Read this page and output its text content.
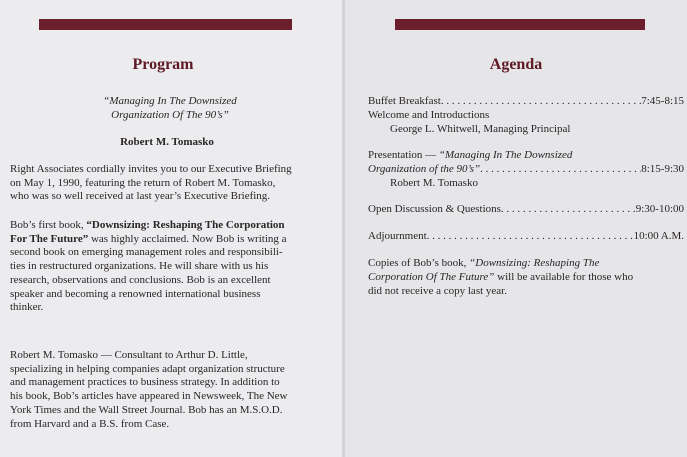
Program
“Managing In The Downsized
Organization Of The 90’s”
Robert M. Tomasko
Right Associates cordially invites you to our Executive Briefing
on May 1, 1990, featuring the return of Robert M. Tomasko,
who was so well received at last year’s Executive Briefing.
Bob’s first book, “Downsizing: Reshaping The Corporation
For The Future” was highly acclaimed. Now Bob is writing a
second book on emerging management roles and responsibili-
ties in restructured organizations. He will share with us his
research, observations and conclusions. Bob is an excellent
speaker and becoming a renowned international business
thinker.
Robert M. Tomasko — Consultant to Arthur D. Little,
specializing in helping companies adapt organization structure
and management practices to business strategy. In addition to
his book, Bob’s articles have appeared in Newsweek, The New
York Times and the Wall Street Journal. Bob has an M.S.O.D.
from Harvard and a B.S. from Case.
Agenda
Buffet Breakfast . . .	7:45-8:15
Welcome and Introductions
George L. Whitwell, Managing Principal
Presentation — “Managing In The Downsized
Organization of the 90’s” . . .	8:15-9:30
Robert M. Tomasko
Open Discussion & Questions . . .	9:30-10:00
Adjournment . . .	10:00 A.M.
Copies of Bob’s book, “Downsizing: Reshaping The
Corporation Of The Future” will be available for those who
did not receive a copy last year.
